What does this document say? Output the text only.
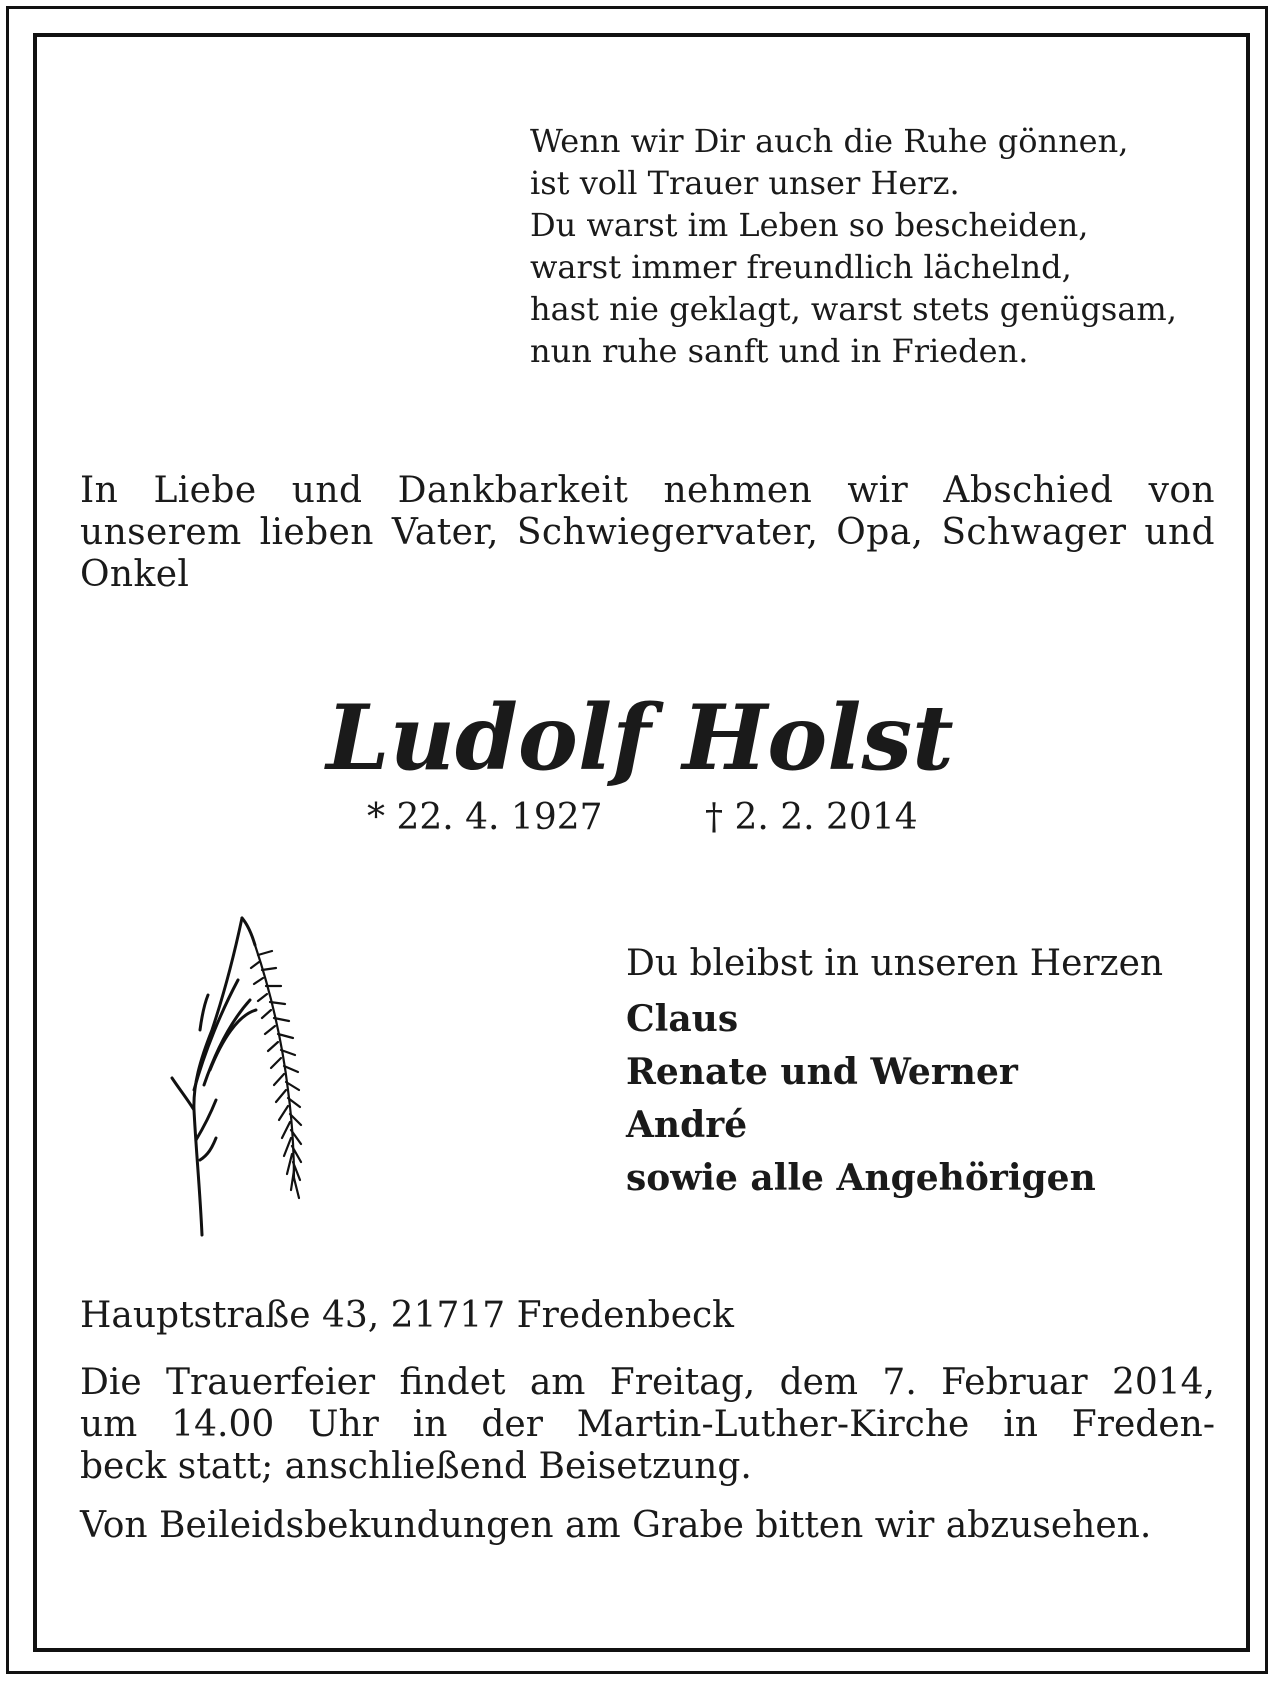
Wenn wir Dir auch die Ruhe gönnen,
ist voll Trauer unser Herz.
Du warst im Leben so bescheiden,
warst immer freundlich lächelnd,
hast nie geklagt, warst stets genügsam,
nun ruhe sanft und in Frieden.
In Liebe und Dankbarkeit nehmen wir Abschied von unserem lieben Vater, Schwiegervater, Opa, Schwager und Onkel
Ludolf Holst
* 22. 4. 1927	† 2. 2. 2014
Du bleibst in unseren Herzen
Claus
Renate und Werner
André
sowie alle Angehörigen
Hauptstraße 43, 21717 Fredenbeck
Die Trauerfeier findet am Freitag, dem 7. Februar 2014,
um 14.00 Uhr in der Martin-Luther-Kirche in Freden-
beck statt; anschließend Beisetzung.
Von Beileidsbekundungen am Grabe bitten wir abzusehen.
